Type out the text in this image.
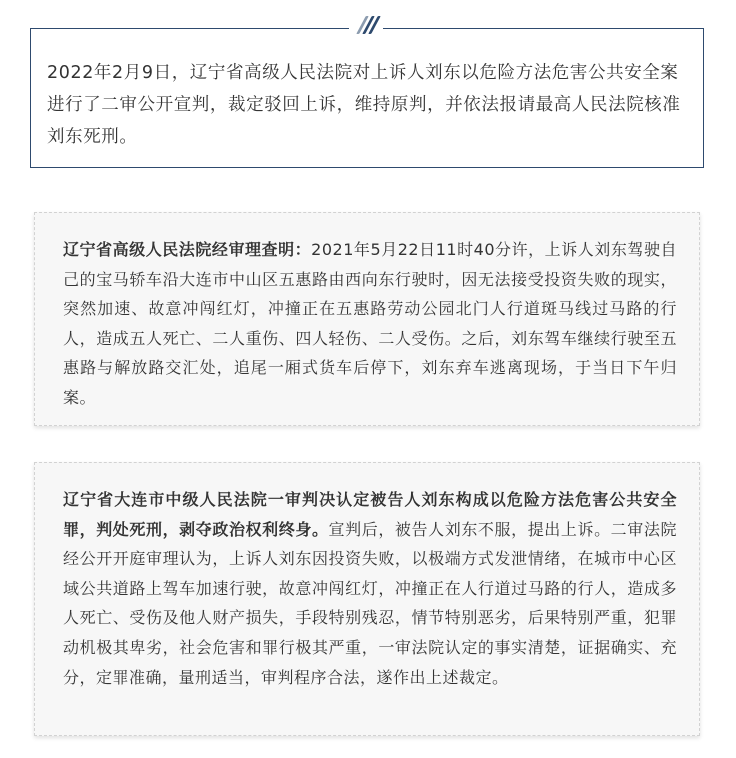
2022年2月9日，辽宁省高级人民法院对上诉人刘东以危险方法危害公共安全案进行了二审公开宣判，裁定驳回上诉，维持原判，并依法报请最高人民法院核准刘东死刑。

辽宁省高级人民法院经审理查明：2021年5月22日11时40分许，上诉人刘东驾驶自己的宝马轿车沿大连市中山区五惠路由西向东行驶时，因无法接受投资失败的现实，突然加速、故意冲闯红灯，冲撞正在五惠路劳动公园北门人行道斑马线过马路的行人，造成五人死亡、二人重伤、四人轻伤、二人受伤。之后，刘东驾车继续行驶至五惠路与解放路交汇处，追尾一厢式货车后停下，刘东弃车逃离现场，于当日下午归案。

辽宁省大连市中级人民法院一审判决认定被告人刘东构成以危险方法危害公共安全罪，判处死刑，剥夺政治权利终身。宣判后，被告人刘东不服，提出上诉。二审法院经公开开庭审理认为，上诉人刘东因投资失败，以极端方式发泄情绪，在城市中心区域公共道路上驾车加速行驶，故意冲闯红灯，冲撞正在人行道过马路的行人，造成多人死亡、受伤及他人财产损失，手段特别残忍，情节特别恶劣，后果特别严重，犯罪动机极其卑劣，社会危害和罪行极其严重，一审法院认定的事实清楚，证据确实、充分，定罪准确，量刑适当，审判程序合法，遂作出上述裁定。
